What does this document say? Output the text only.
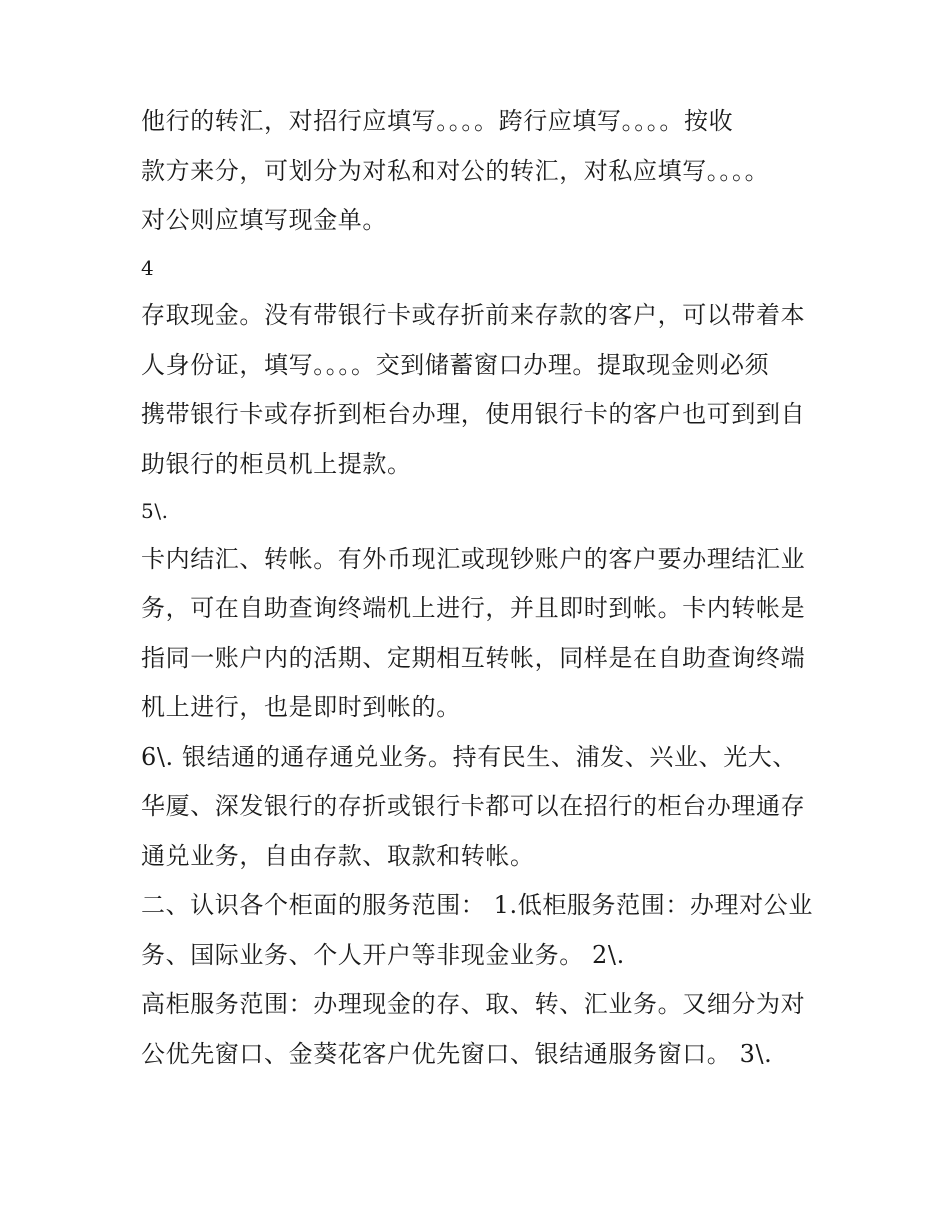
他行的转汇，对招行应填写。。。。跨行应填写。。。。按收
款方来分，可划分为对私和对公的转汇，对私应填写。。。。
对公则应填写现金单。
4
存取现金。没有带银行卡或存折前来存款的客户，可以带着本
人身份证，填写。。。。交到储蓄窗口办理。提取现金则必须
携带银行卡或存折到柜台办理，使用银行卡的客户也可到到自
助银行的柜员机上提款。
5\.
卡内结汇、转帐。有外币现汇或现钞账户的客户要办理结汇业
务，可在自助查询终端机上进行，并且即时到帐。卡内转帐是
指同一账户内的活期、定期相互转帐，同样是在自助查询终端
机上进行，也是即时到帐的。
6\. 银结通的通存通兑业务。持有民生、浦发、兴业、光大、
华厦、深发银行的存折或银行卡都可以在招行的柜台办理通存
通兑业务，自由存款、取款和转帐。
二、认识各个柜面的服务范围： 1.低柜服务范围：办理对公业
务、国际业务、个人开户等非现金业务。 2\.
高柜服务范围：办理现金的存、取、转、汇业务。又细分为对
公优先窗口、金葵花客户优先窗口、银结通服务窗口。 3\.
